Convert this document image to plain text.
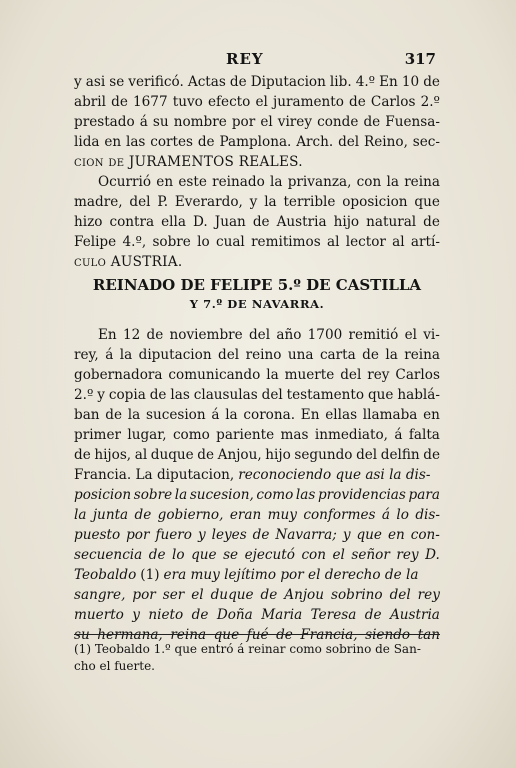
REY	317
y asi se verificó. Actas de Diputacion lib. 4.º En 10 de
abril de 1677 tuvo efecto el juramento de Carlos 2.º
prestado á su nombre por el virey conde de Fuensa-
lida en las cortes de Pamplona. Arch. del Reino, sec-
cion de JURAMENTOS REALES.
Ocurrió en este reinado la privanza, con la reina
madre, del P. Everardo, y la terrible oposicion que
hizo contra ella D. Juan de Austria hijo natural de
Felipe 4.º, sobre lo cual remitimos al lector al artí-
culo AUSTRIA.
REINADO DE FELIPE 5.º DE CASTILLA
Y 7.º DE NAVARRA.
En 12 de noviembre del año 1700 remitió el vi-
rey, á la diputacion del reino una carta de la reina
gobernadora comunicando la muerte del rey Carlos
2.º y copia de las clausulas del testamento que hablá-
ban de la sucesion á la corona. En ellas llamaba en
primer lugar, como pariente mas inmediato, á falta
de hijos, al duque de Anjou, hijo segundo del delfin de
Francia. La diputacion, reconociendo que asi la dis-
posicion sobre la sucesion, como las providencias para
la junta de gobierno, eran muy conformes á lo dis-
puesto por fuero y leyes de Navarra; y que en con-
secuencia de lo que se ejecutó con el señor rey D.
Teobaldo (1) era muy lejítimo por el derecho de la
sangre, por ser el duque de Anjou sobrino del rey
muerto y nieto de Doña Maria Teresa de Austria
su hermana, reina que fué de Francia, siendo tan
(1) Teobaldo 1.º que entró á reinar como sobrino de San-
cho el fuerte.
